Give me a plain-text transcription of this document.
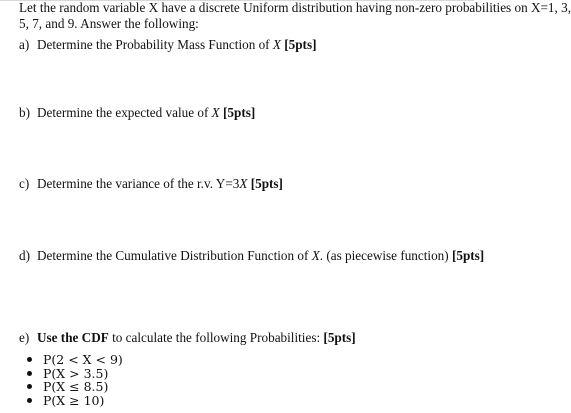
Let the random variable X have a discrete Uniform distribution having non-zero probabilities on X=1, 3,
5, 7, and 9. Answer the following:
a) Determine the Probability Mass Function of X [5pts]
b) Determine the expected value of X [5pts]
c) Determine the variance of the r.v. Y=3X [5pts]
d) Determine the Cumulative Distribution Function of X. (as piecewise function) [5pts]
e) Use the CDF to calculate the following Probabilities: [5pts]
P(2 < X < 9)
P(X > 3.5)
P(X ≤ 8.5)
P(X ≥ 10)
